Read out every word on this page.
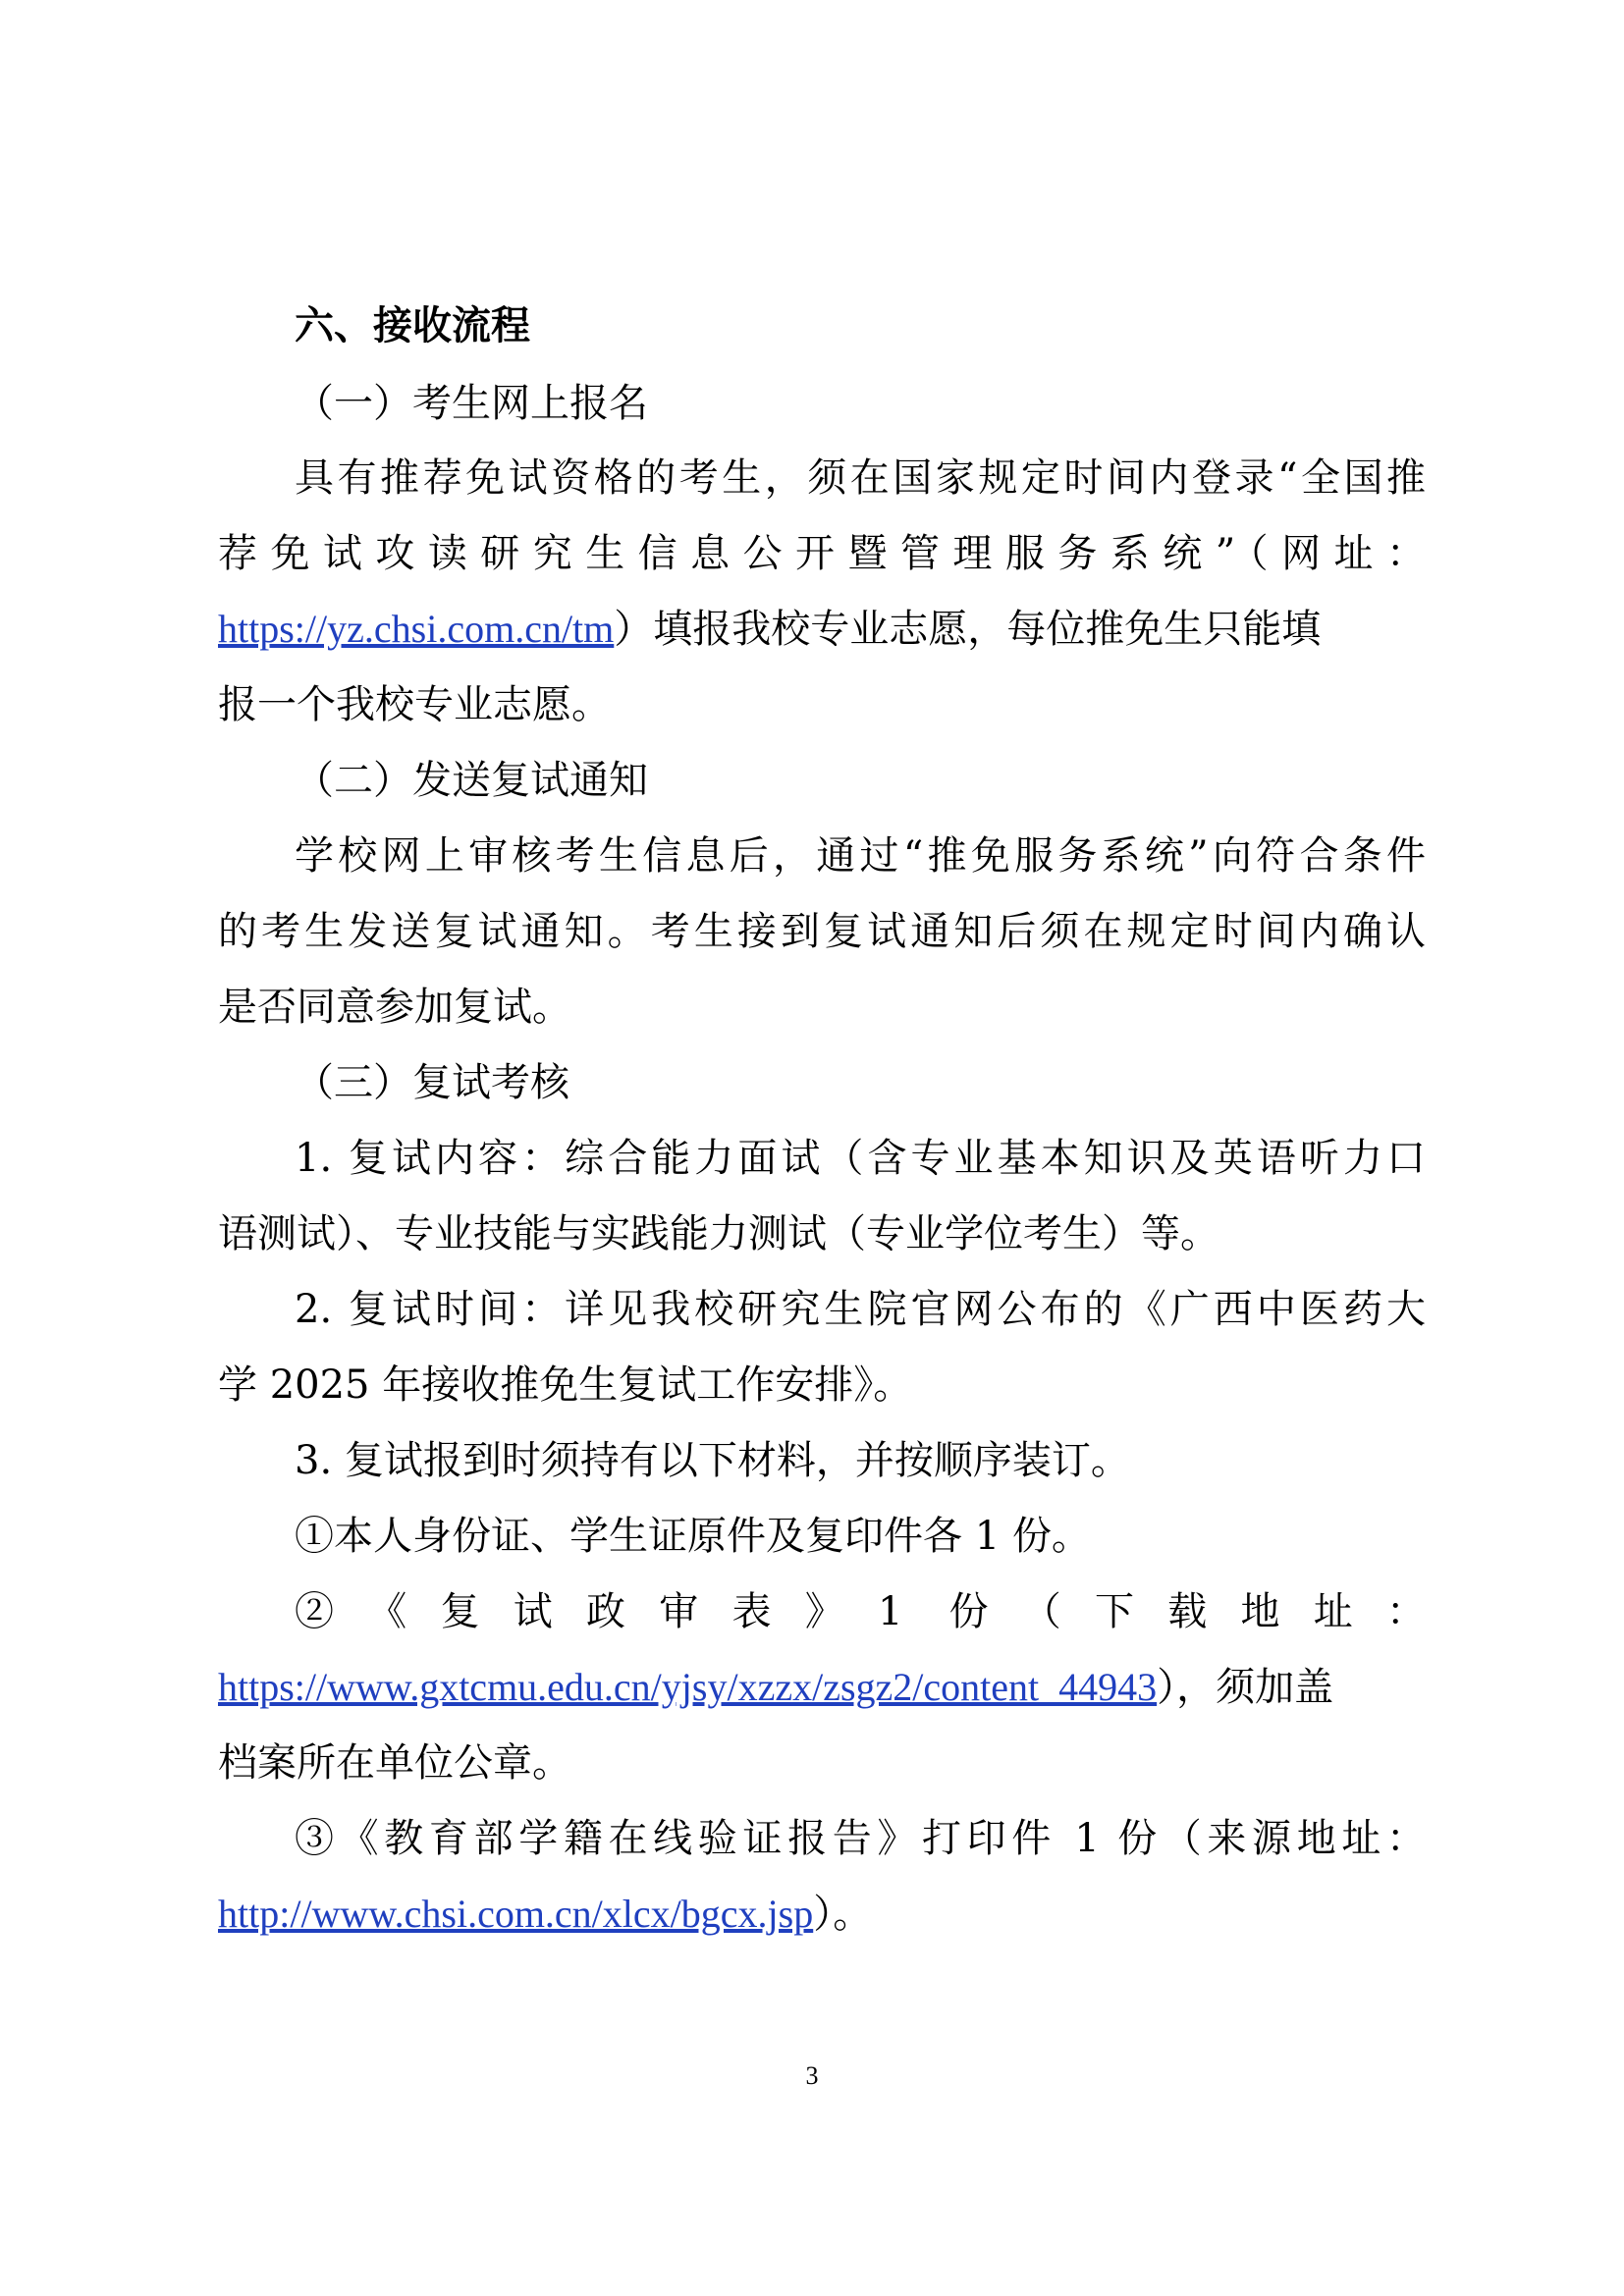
六、接收流程
（一）考生网上报名
具有推荐免试资格的考生，须在国家规定时间内登录“全国推
荐免试攻读研究生信息公开暨管理服务系统”（网址：
https://yz.chsi.com.cn/tm）填报我校专业志愿，每位推免生只能填
报一个我校专业志愿。
（二）发送复试通知
学校网上审核考生信息后，通过“推免服务系统”向符合条件
的考生发送复试通知。考生接到复试通知后须在规定时间内确认
是否同意参加复试。
（三）复试考核
1. 复试内容：综合能力面试（含专业基本知识及英语听力口
语测试）、专业技能与实践能力测试（专业学位考生）等。
2. 复试时间：详见我校研究生院官网公布的《广西中医药大
学 2025 年接收推免生复试工作安排》。
3. 复试报到时须持有以下材料，并按顺序装订。
①本人身份证、学生证原件及复印件各 1 份。
②《复试政审表》1 份（下载地址：
https://www.gxtcmu.edu.cn/yjsy/xzzx/zsgz2/content_44943），须加盖
档案所在单位公章。
③《教育部学籍在线验证报告》打印件 1 份（来源地址：
http://www.chsi.com.cn/xlcx/bgcx.jsp）。
3
